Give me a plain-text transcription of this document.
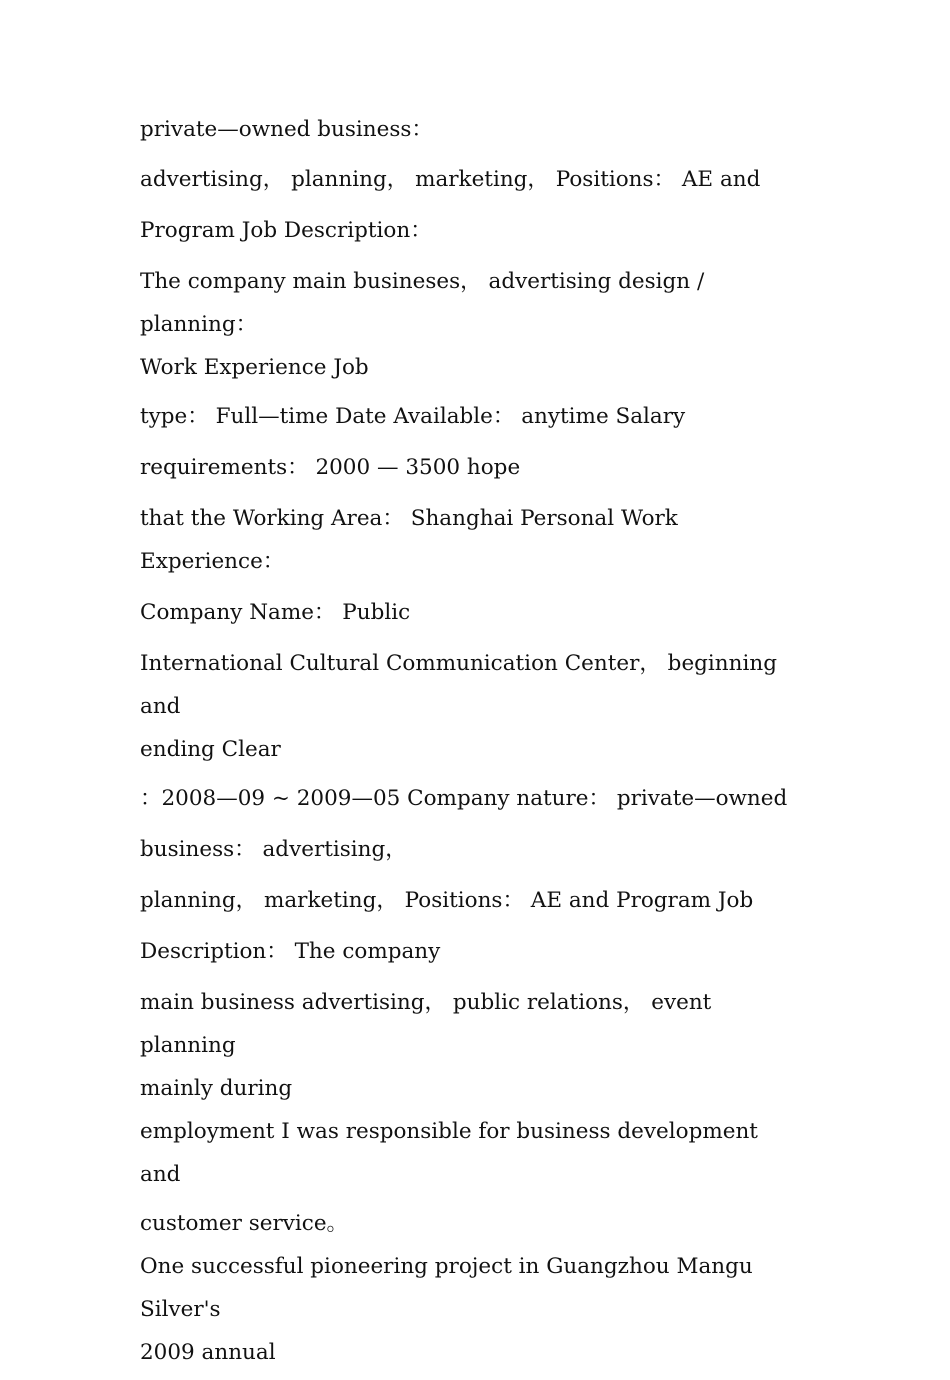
private—owned business：

advertising， planning， marketing， Positions： AE and

Program Job Description：

The company main busineses， advertising design / planning：
Work Experience Job

type： Full—time Date Available： anytime Salary

requirements： 2000 — 3500 hope

that the Working Area： Shanghai Personal Work Experience：

Company Name： Public

International Cultural Communication Center， beginning and
ending Clear

：2008—09 ~ 2009—05 Company nature： private—owned

business： advertising，

planning， marketing， Positions： AE and Program Job

Description： The company

main business advertising， public relations， event planning
mainly during

employment I was responsible for business development and

customer service。

One successful pioneering project in Guangzhou Mangu Silver's
2009 annual
